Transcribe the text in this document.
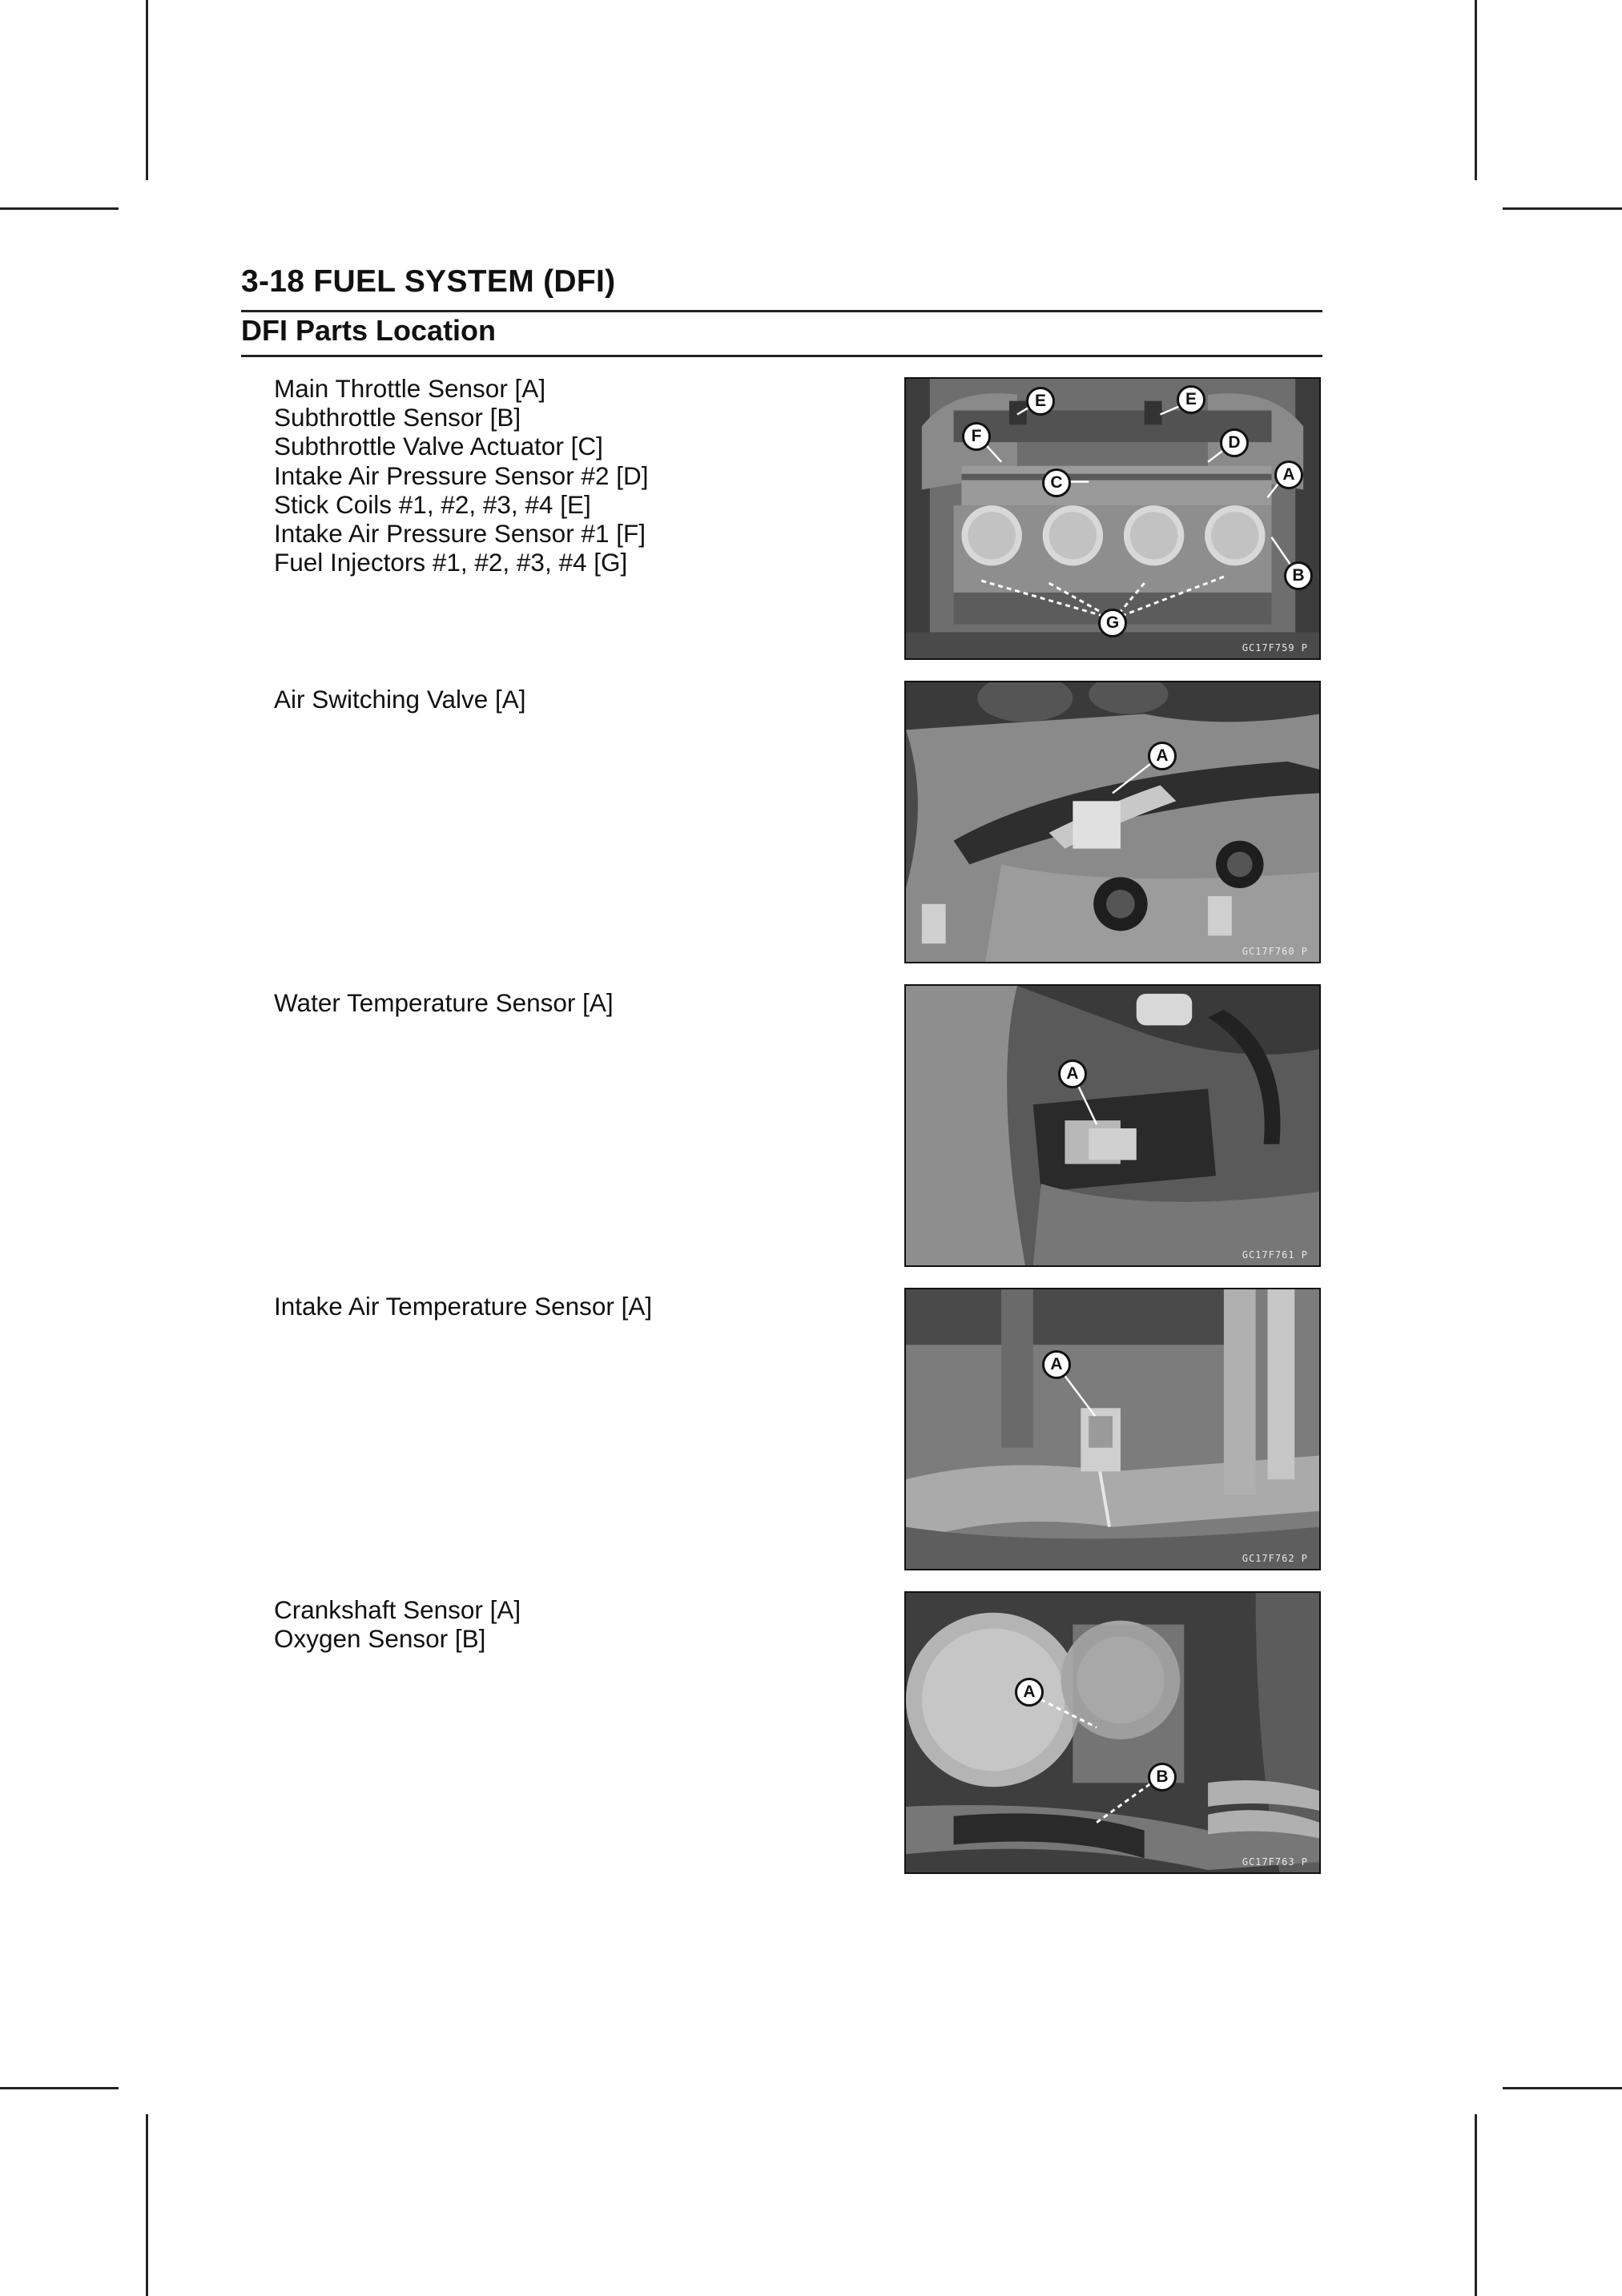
3-18 FUEL SYSTEM (DFI)
DFI Parts Location
Main Throttle Sensor [A]
Subthrottle Sensor [B]
Subthrottle Valve Actuator [C]
Intake Air Pressure Sensor #2 [D]
Stick Coils #1, #2, #3, #4 [E]
Intake Air Pressure Sensor #1 [F]
Fuel Injectors #1, #2, #3, #4 [G]
E	E
F	D
C	A
B
G
GC17F759 P
Air Switching Valve [A]
A
GC17F760 P
Water Temperature Sensor [A]
A
GC17F761 P
Intake Air Temperature Sensor [A]
A
GC17F762 P
Crankshaft Sensor [A]
Oxygen Sensor [B]
A
B
GC17F763 P
